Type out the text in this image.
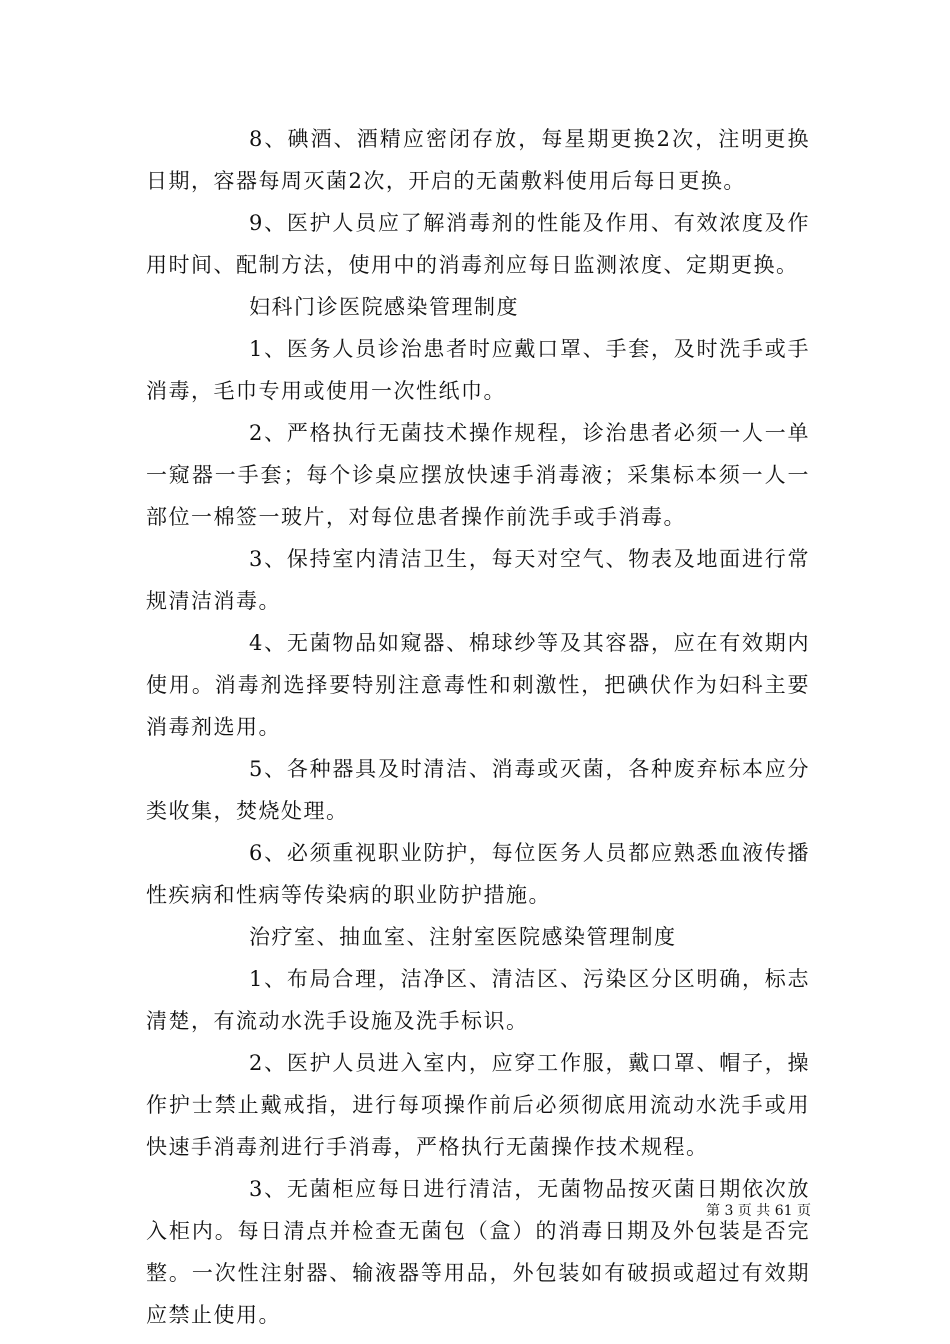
8、碘酒、酒精应密闭存放，每星期更换2次，注明更换日期，容器每周灭菌2次，开启的无菌敷料使用后每日更换。

9、医护人员应了解消毒剂的性能及作用、有效浓度及作用时间、配制方法，使用中的消毒剂应每日监测浓度、定期更换。

妇科门诊医院感染管理制度

1、医务人员诊治患者时应戴口罩、手套，及时洗手或手消毒，毛巾专用或使用一次性纸巾。

2、严格执行无菌技术操作规程，诊治患者必须一人一单一窥器一手套；每个诊桌应摆放快速手消毒液；采集标本须一人一部位一棉签一玻片，对每位患者操作前洗手或手消毒。

3、保持室内清洁卫生，每天对空气、物表及地面进行常规清洁消毒。

4、无菌物品如窥器、棉球纱等及其容器，应在有效期内使用。消毒剂选择要特别注意毒性和刺激性，把碘伏作为妇科主要消毒剂选用。

5、各种器具及时清洁、消毒或灭菌，各种废弃标本应分类收集，焚烧处理。

6、必须重视职业防护，每位医务人员都应熟悉血液传播性疾病和性病等传染病的职业防护措施。

治疗室、抽血室、注射室医院感染管理制度

1、布局合理，洁净区、清洁区、污染区分区明确，标志清楚，有流动水洗手设施及洗手标识。

2、医护人员进入室内，应穿工作服，戴口罩、帽子，操作护士禁止戴戒指，进行每项操作前后必须彻底用流动水洗手或用快速手消毒剂进行手消毒，严格执行无菌操作技术规程。

3、无菌柜应每日进行清洁，无菌物品按灭菌日期依次放入柜内。每日清点并检查无菌包（盒）的消毒日期及外包装是否完整。一次性注射器、输液器等用品，外包装如有破损或超过有效期应禁止使用。

第 3 页 共 61 页
